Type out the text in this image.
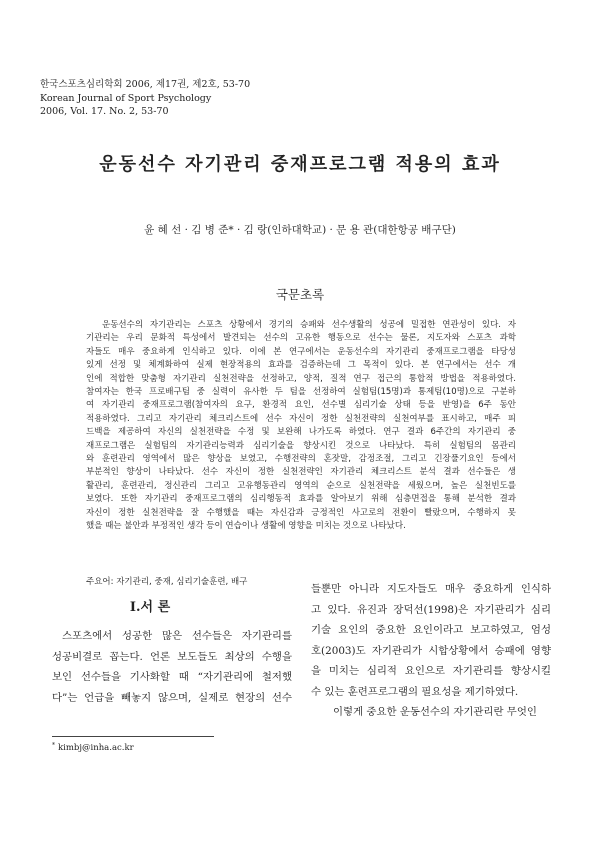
한국스포츠심리학회 2006, 제17권, 제2호, 53-70
Korean Journal of Sport Psychology
2006, Vol. 17. No. 2, 53-70
운동선수 자기관리 중재프로그램 적용의 효과
윤 혜 선 · 김 병 준* · 김 랑(인하대학교) · 문 용 관(대한항공 배구단)
국문초록

운동선수의 자기관리는 스포츠 상황에서 경기의 승패와 선수생활의 성공에 밀접한 연관성이 있다. 자
기관리는 우리 문화적 특성에서 발견되는 선수의 고유한 행동으로 선수는 물론, 지도자와 스포츠 과학
자들도 매우 중요하게 인식하고 있다. 이에 본 연구에서는 운동선수의 자기관리 중재프로그램을 타당성
있게 선정 및 체계화하여 실제 현장적용의 효과를 검증하는데 그 목적이 있다. 본 연구에서는 선수 개
인에 적합한 맞춤형 자기관리 실천전략을 선정하고, 양적, 질적 연구 접근의 통합적 방법을 적용하였다.
참여자는 한국 프로배구팀 중 실력이 유사한 두 팀을 선정하여 실험팀(15명)과 통제팀(10명)으로 구분하
여 자기관리 중재프로그램(참여자의 요구, 환경적 요인, 선수별 심리기술 상태 등을 반영)을 6주 동안
적용하였다. 그리고 자기관리 체크리스트에 선수 자신이 정한 실천전략의 실천여부를 표시하고, 매주 피
드백을 제공하여 자신의 실천전략을 수정 및 보완해 나가도록 하였다. 연구 결과 6주간의 자기관리 중
재프로그램은 실험팀의 자기관리능력과 심리기술을 향상시킨 것으로 나타났다. 특히 실험팀의 몸관리
와 훈련관리 영역에서 많은 향상을 보였고, 수행전략의 혼잣말, 감정조절, 그리고 긴장풀기요인 등에서
부분적인 향상이 나타났다. 선수 자신이 정한 실천전략인 자기관리 체크리스트 분석 결과 선수들은 생
활관리, 훈련관리, 정신관리 그리고 고유행동관리 영역의 순으로 실천전략을 세웠으며, 높은 실천빈도를
보였다. 또한 자기관리 중재프로그램의 심리행동적 효과를 알아보기 위해 심층면접을 통해 분석한 결과
자신이 정한 실천전략을 잘 수행했을 때는 자신감과 긍정적인 사고로의 전환이 빨랐으며, 수행하지 못
했을 때는 불안과 부정적인 생각 등이 연습이나 생활에 영향을 미치는 것으로 나타났다.

주요어: 자기관리, 중재, 심리기술훈련, 배구
Ⅰ.서 론
스포츠에서 성공한 많은 선수들은 자기관리를
성공비결로 꼽는다. 언론 보도들도 최상의 수행을
보인 선수들을 기사화할 때 “자기관리에 철저했
다”는 언급을 빼놓지 않으며, 실제로 현장의 선수
들뿐만 아니라 지도자들도 매우 중요하게 인식하
고 있다. 유진과 장덕선(1998)은 자기관리가 심리
기술 요인의 중요한 요인이라고 보고하였고, 엄성
호(2003)도 자기관리가 시합상황에서 승패에 영향
을 미치는 심리적 요인으로 자기관리를 향상시킬
수 있는 훈련프로그램의 필요성을 제기하였다.
이렇게 중요한 운동선수의 자기관리란 무엇인
* kimbj@inha.ac.kr
